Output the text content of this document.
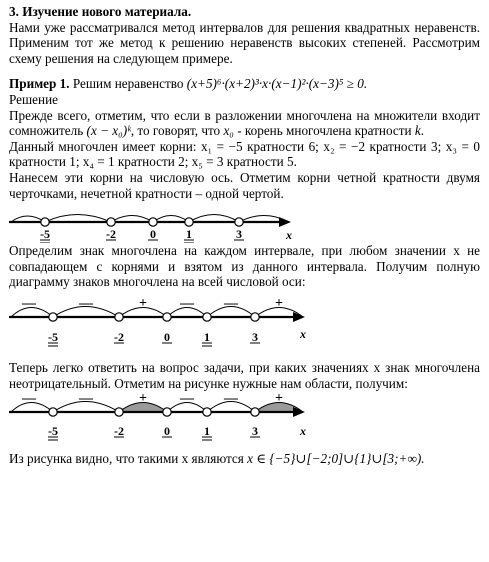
3. Изучение нового материала.

Нами уже рассматривался метод интервалов для решения квадратных неравенств. Применим тот же метод к решению неравенств высоких степеней. Рассмотрим схему решения на следующем примере.

Пример 1. Решим неравенство (x+5)⁶·(x+2)³·x·(x−1)²·(x−3)⁵ ≥ 0.

Решение

Прежде всего, отметим, что если в разложении многочлена на множители входит сомножитель (x − x₀)ᵏ, то говорят, что x₀ - корень многочлена кратности k.

Данный многочлен имеет корни: x₁ = −5 кратности 6; x₂ = −2 кратности 3; x₃ = 0 кратности 1; x₄ = 1 кратности 2; x₅ = 3 кратности 5.

Нанесем эти корни на числовую ось. Отметим корни четной кратности двумя черточками, нечетной кратности – одной чертой.

-5	-2	0	1	3	x

Определим знак многочлена на каждом интервале, при любом значении x не совпадающем с корнями и взятом из данного интервала. Получим полную диаграмму знаков многочлена на всей числовой оси:

—	—	+ — —	+
-5	-2	0	1	3	x

Теперь легко ответить на вопрос задачи, при каких значениях x знак многочлена неотрицательный. Отметим на рисунке нужные нам области, получим:

—	—	+ — —	+
-5	-2	0	1	3	x

Из рисунка видно, что такими x являются x ∈ {−5}∪[−2;0]∪{1}∪[3;+∞).
